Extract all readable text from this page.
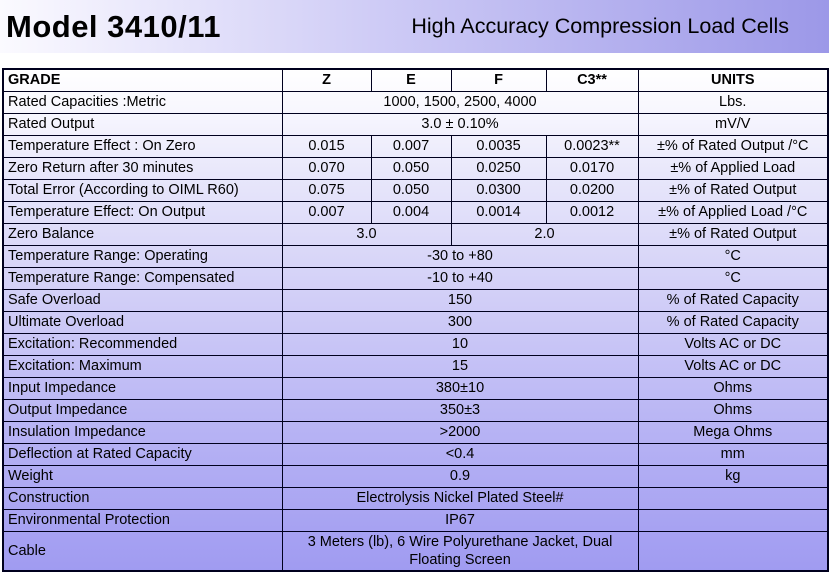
Model 3410/11	High Accuracy Compression Load Cells
GRADE	Z	E	F	C3**	UNITS
Rated Capacities :Metric	1000, 1500, 2500, 4000				Lbs.
Rated Output	3.0 ± 0.10%				mV/V
Temperature Effect : On Zero	0.015	0.007	0.0035	0.0023**	±% of Rated Output /°C
Zero Return after 30 minutes	0.070	0.050	0.0250	0.0170	±% of Applied Load
Total Error (According to OIML R60)	0.075	0.050	0.0300	0.0200	±% of Rated Output
Temperature Effect: On Output	0.007	0.004	0.0014	0.0012	±% of Applied Load /°C
Zero Balance	3.0		2.0		±% of Rated Output
Temperature Range: Operating	-30 to +80				°C
Temperature Range: Compensated	-10 to +40				°C
Safe Overload	150				% of Rated Capacity
Ultimate Overload	300				% of Rated Capacity
Excitation: Recommended	10				Volts AC or DC
Excitation: Maximum	15				Volts AC or DC
Input Impedance	380±10				Ohms
Output Impedance	350±3				Ohms
Insulation Impedance	>2000				Mega Ohms
Deflection at Rated Capacity	<0.4				mm
Weight	0.9				kg
Construction	Electrolysis Nickel Plated Steel#				
Environmental Protection	IP67				
Cable	3 Meters (lb), 6 Wire Polyurethane Jacket, Dual Floating Screen				
